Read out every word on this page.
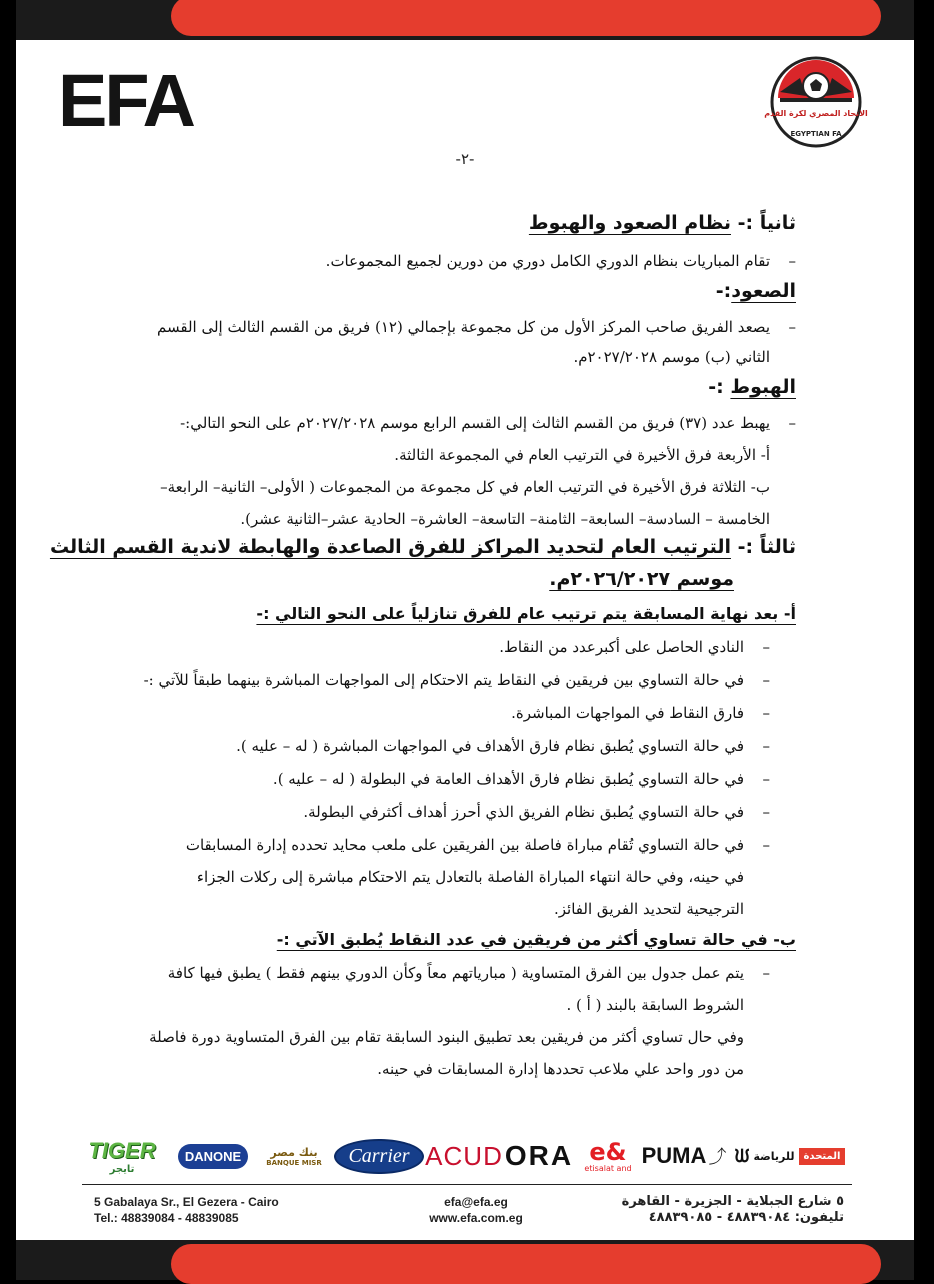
EFA	الاتحاد المصري لكرة القدم
EGYPTIAN FA
-٢-
ثانياً :- نظام الصعود والهبوط
–تقام المباريات بنظام الدوري الكامل دوري من دورين لجميع المجموعات.
الصعود:-
–يصعد الفريق صاحب المركز الأول من كل مجموعة بإجمالي (١٢) فريق من القسم الثالث إلى القسم
الثاني (ب) موسم ٢٠٢٧/٢٠٢٨م.
الهبوط :-
–يهبط عدد (٣٧) فريق من القسم الثالث إلى القسم الرابع موسم ٢٠٢٧/٢٠٢٨م على النحو التالي:-
أ- الأربعة فرق الأخيرة في الترتيب العام في المجموعة الثالثة.
ب- الثلاثة فرق الأخيرة في الترتيب العام في كل مجموعة من المجموعات ( الأولى– الثانية– الرابعة–
الخامسة – السادسة– السابعة– الثامنة– التاسعة– العاشرة– الحادية عشر–الثانية عشر).
ثالثاً :- الترتيب العام لتحديد المراكز للفرق الصاعدة والهابطة لاندية القسم الثالث
موسم ٢٠٢٦/٢٠٢٧م.
أ- بعد نهاية المسابقة يتم ترتيب عام للفرق تنازلياً على النحو التالي :-
–النادي الحاصل على أكبرعدد من النقاط.
–في حالة التساوي بين فريقين في النقاط يتم الاحتكام إلى المواجهات المباشرة بينهما طبقاً للآتي :-
–فارق النقاط في المواجهات المباشرة.
–في حالة التساوي يُطبق نظام فارق الأهداف في المواجهات المباشرة ( له – عليه ).
–في حالة التساوي يُطبق نظام فارق الأهداف العامة في البطولة ( له – عليه ).
–في حالة التساوي يُطبق نظام الفريق الذي أحرز أهداف أكثرفي البطولة.
–في حالة التساوي تُقام مباراة فاصلة بين الفريقين على ملعب محايد تحدده إدارة المسابقات
في حينه، وفي حالة انتهاء المباراة الفاصلة بالتعادل يتم الاحتكام مباشرة إلى ركلات الجزاء
الترجيحية لتحديد الفريق الفائز.
ب- في حالة تساوي أكثر من فريقين في عدد النقاط يُطبق الآتي :-
–يتم عمل جدول بين الفرق المتساوية ( مبارياتهم معاً وكأن الدوري بينهم فقط ) يطبق فيها كافة
الشروط السابقة بالبند ( أ ) .
وفي حال تساوي أكثر من فريقين بعد تطبيق البنود السابقة تقام بين الفرق المتساوية دورة فاصلة
من دور واحد علي ملاعب تحددها إدارة المسابقات في حينه.
TIGER
تايجر
DANONE	بنك مصر
BANQUE MISR	Carrier ACUD ORA e&
etisalat and PUMA ⤴ ᙎ للرياضة المتحدة
5 Gabalaya Sr., El Gezera - Cairo
Tel.: 48839084 - 48839085
efa@efa.eg
www.efa.com.eg
٥ شارع الجبلاية - الجزيرة - القاهرة
تليفون: ٤٨٨٣٩٠٨٤ - ٤٨٨٣٩٠٨٥
